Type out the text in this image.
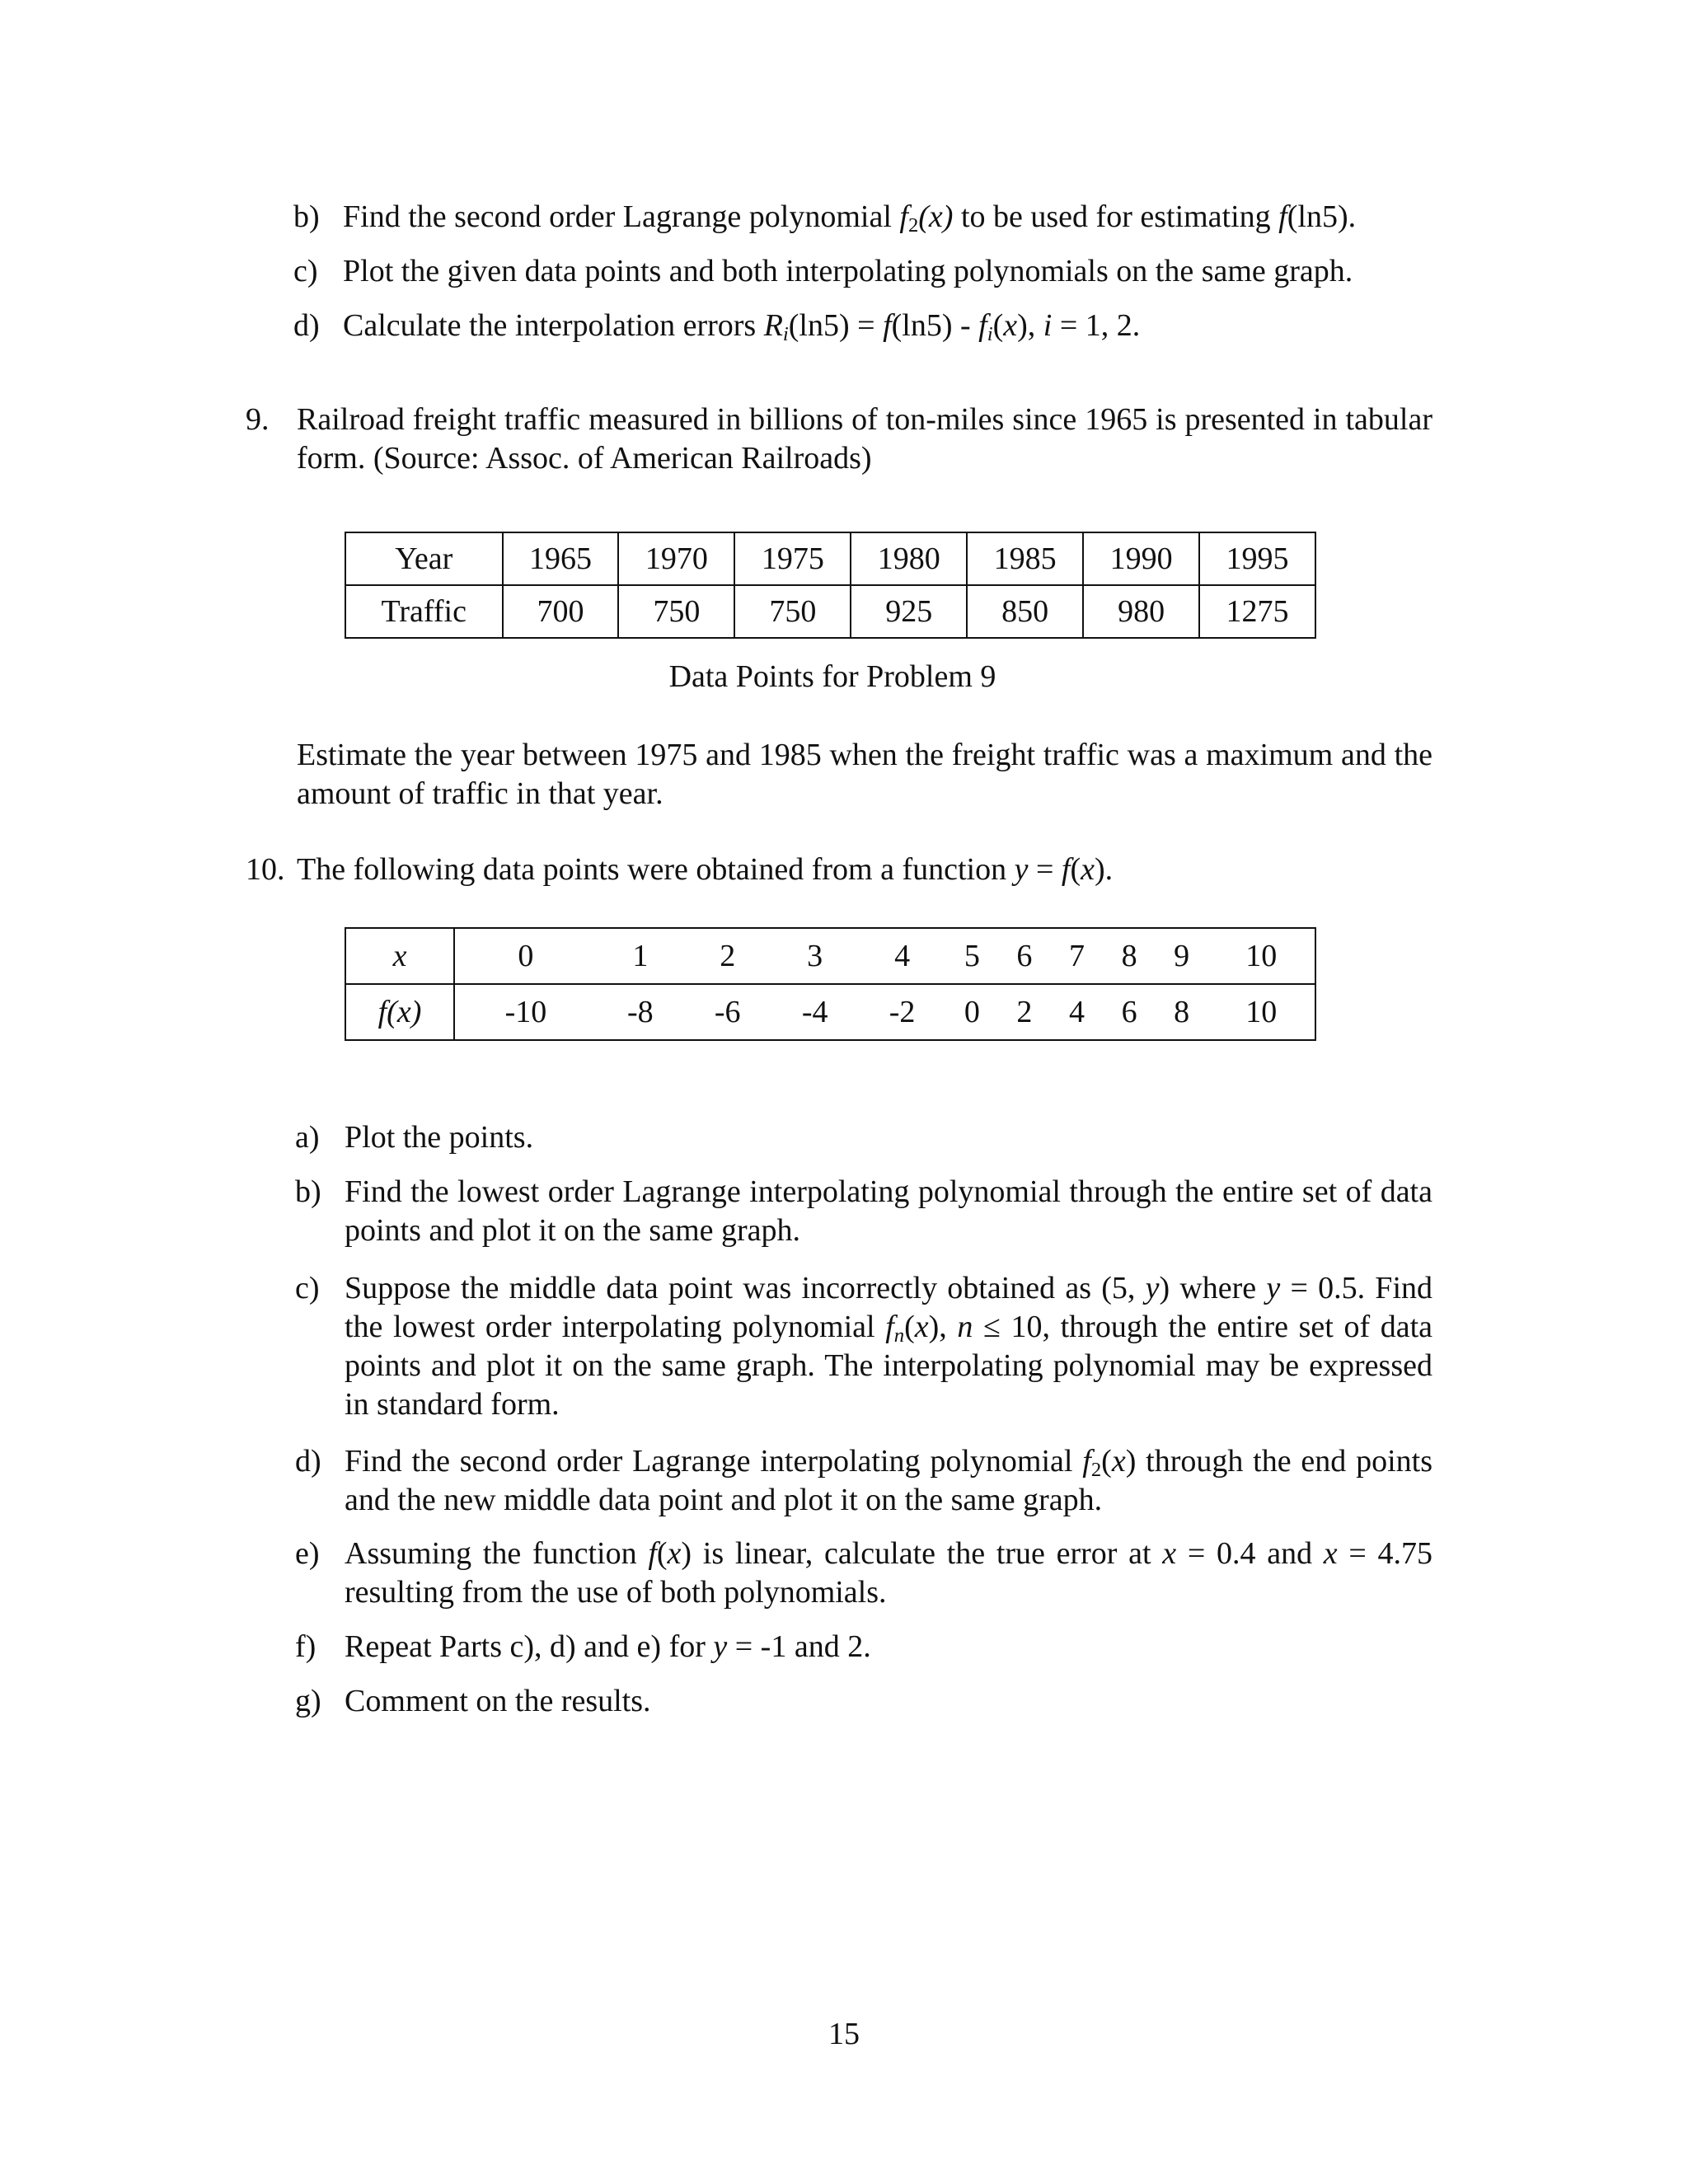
b) Find the second order Lagrange polynomial $f_2(x)$ to be used for estimating f(ln5).
c) Plot the given data points and both interpolating polynomials on the same graph.
d) Calculate the interpolation errors $R_i(\ln 5) = f(\ln 5) - f_i(x)$, i = 1, 2.
9. Railroad freight traffic measured in billions of ton-miles since 1965 is presented in tabular form. (Source: Assoc. of American Railroads)
Year	1965	1970	1975	1980	1985	1990	1995
Traffic	700	750	750	925	850	980	1275
Data Points for Problem 9
Estimate the year between 1975 and 1985 when the freight traffic was a maximum and the amount of traffic in that year.
10. The following data points were obtained from a function y = f(x).
x	0	1	2	3	4	5	6	7	8	9	10
f(x)	-10	-8	-6	-4	-2	0	2	4	6	8	10
a) Plot the points.
b) Find the lowest order Lagrange interpolating polynomial through the entire set of data points and plot it on the same graph.
c) Suppose the middle data point was incorrectly obtained as (5, y) where y = 0.5. Find the lowest order interpolating polynomial $f_n(x)$, n ≤ 10, through the entire set of data points and plot it on the same graph. The interpolating polynomial may be expressed in standard form.
d) Find the second order Lagrange interpolating polynomial $f_2(x)$ through the end points and the new middle data point and plot it on the same graph.
e) Assuming the function f(x) is linear, calculate the true error at x = 0.4 and x = 4.75 resulting from the use of both polynomials.
f) Repeat Parts c), d) and e) for y = -1 and 2.
g) Comment on the results.
15
